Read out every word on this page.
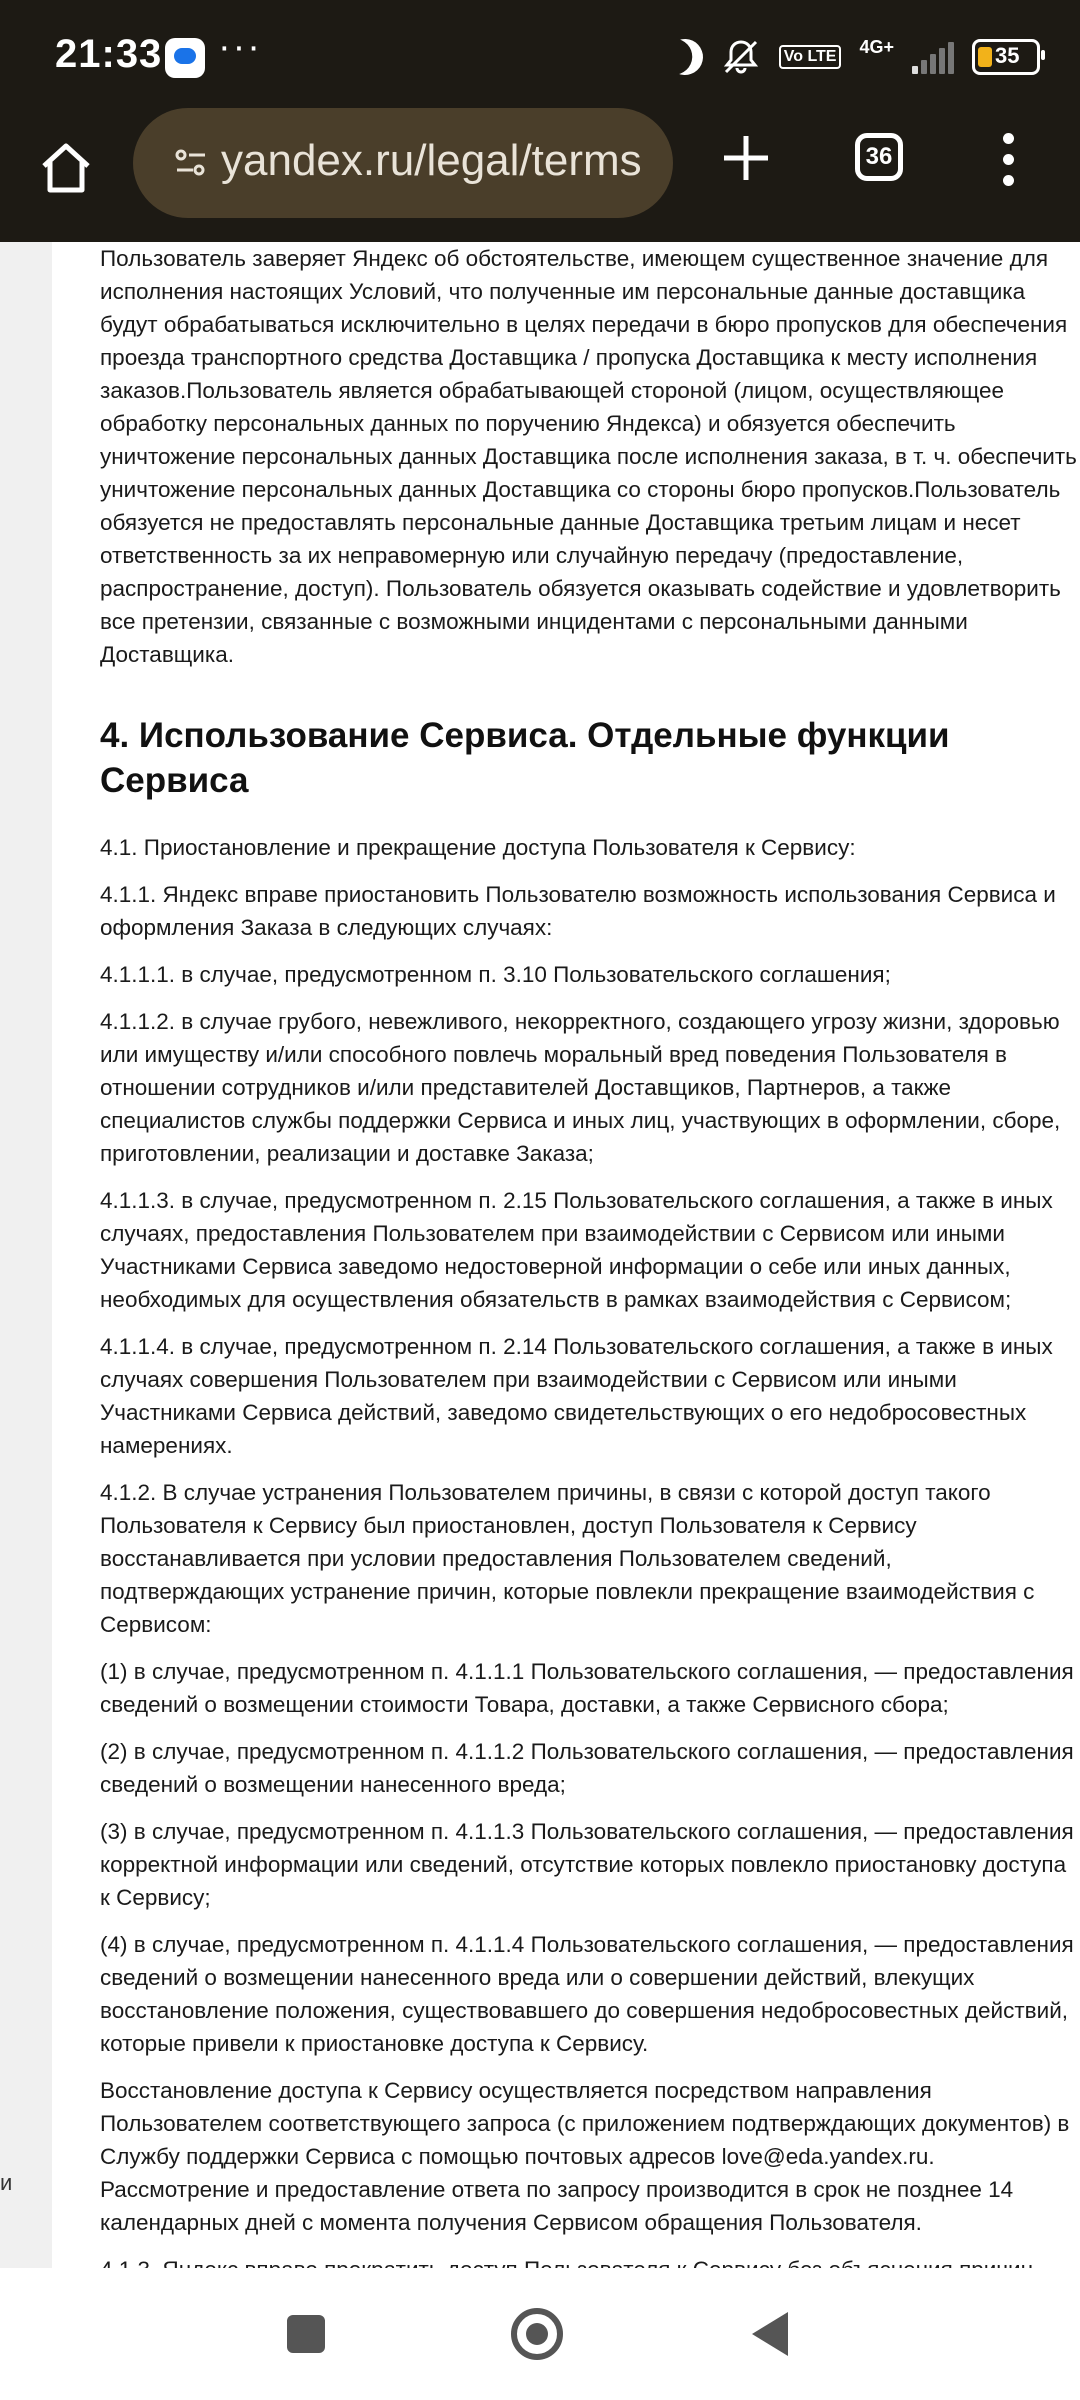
21:33 ···	Vo LTE 4G+	35
yandex.ru/legal/terms	36
и

Пользователь заверяет Яндекс об обстоятельстве, имеющем существенное значение для исполнения настоящих Условий, что полученные им персональные данные доставщика будут обрабатываться исключительно в целях передачи в бюро пропусков для обеспечения проезда транспортного средства Доставщика / пропуска Доставщика к месту исполнения заказов.Пользователь является обрабатывающей стороной (лицом, осуществляющее обработку персональных данных по поручению Яндекса) и обязуется обеспечить уничтожение персональных данных Доставщика после исполнения заказа, в т. ч. обеспечить уничтожение персональных данных Доставщика со стороны бюро пропусков.Пользователь обязуется не предоставлять персональные данные Доставщика третьим лицам и несет ответственность за их неправомерную или случайную передачу (предоставление, распространение, доступ). Пользователь обязуется оказывать содействие и удовлетворить все претензии, связанные с возможными инцидентами с персональными данными Доставщика.

4. Использование Сервиса. Отдельные функции Сервиса

4.1. Приостановление и прекращение доступа Пользователя к Сервису:

4.1.1. Яндекс вправе приостановить Пользователю возможность использования Сервиса и оформления Заказа в следующих случаях:

4.1.1.1. в случае, предусмотренном п. 3.10 Пользовательского соглашения;

4.1.1.2. в случае грубого, невежливого, некорректного, создающего угрозу жизни, здоровью или имуществу и/или способного повлечь моральный вред поведения Пользователя в отношении сотрудников и/или представителей Доставщиков, Партнеров, а также специалистов службы поддержки Сервиса и иных лиц, участвующих в оформлении, сборе, приготовлении, реализации и доставке Заказа;

4.1.1.3. в случае, предусмотренном п. 2.15 Пользовательского соглашения, а также в иных случаях, предоставления Пользователем при взаимодействии с Сервисом или иными Участниками Сервиса заведомо недостоверной информации о себе или иных данных, необходимых для осуществления обязательств в рамках взаимодействия с Сервисом;

4.1.1.4. в случае, предусмотренном п. 2.14 Пользовательского соглашения, а также в иных случаях совершения Пользователем при взаимодействии с Сервисом или иными Участниками Сервиса действий, заведомо свидетельствующих о его недобросовестных намерениях.

4.1.2. В случае устранения Пользователем причины, в связи с которой доступ такого Пользователя к Сервису был приостановлен, доступ Пользователя к Сервису восстанавливается при условии предоставления Пользователем сведений, подтверждающих устранение причин, которые повлекли прекращение взаимодействия с Сервисом:

(1) в случае, предусмотренном п. 4.1.1.1 Пользовательского соглашения, — предоставления сведений о возмещении стоимости Товара, доставки, а также Сервисного сбора;

(2) в случае, предусмотренном п. 4.1.1.2 Пользовательского соглашения, — предоставления сведений о возмещении нанесенного вреда;

(3) в случае, предусмотренном п. 4.1.1.3 Пользовательского соглашения, — предоставления корректной информации или сведений, отсутствие которых повлекло приостановку доступа к Сервису;

(4) в случае, предусмотренном п. 4.1.1.4 Пользовательского соглашения, — предоставления сведений о возмещении нанесенного вреда или о совершении действий, влекущих восстановление положения, существовавшего до совершения недобросовестных действий, которые привели к приостановке доступа к Сервису.

Восстановление доступа к Сервису осуществляется посредством направления Пользователем соответствующего запроса (с приложением подтверждающих документов) в Службу поддержки Сервиса с помощью почтовых адресов love@eda.yandex.ru. Рассмотрение и предоставление ответа по запросу производится в срок не позднее 14 календарных дней с момента получения Сервисом обращения Пользователя.
